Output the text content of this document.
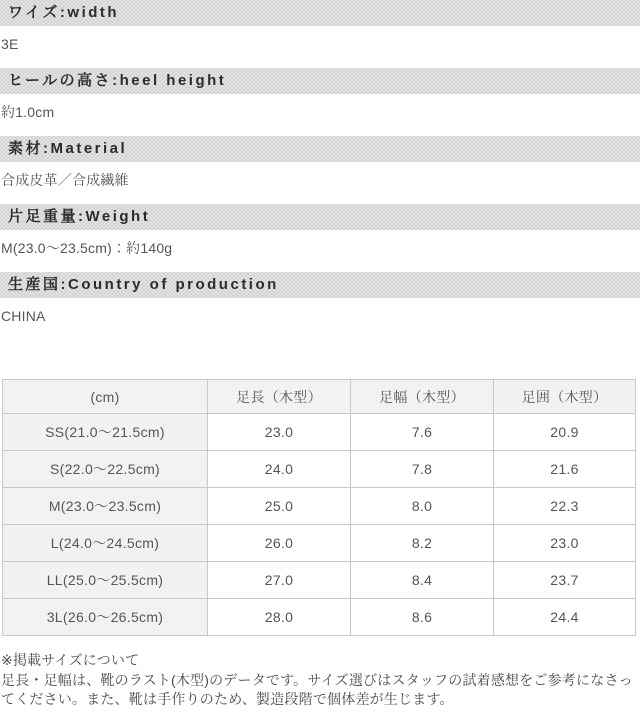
ワイズ:width
3E
ヒールの高さ:heel height
約1.0cm
素材:Material
合成皮革／合成繊維
片足重量:Weight
M(23.0～23.5cm)：約140g
生産国:Country of production
CHINA
(cm)	足長（木型）	足幅（木型）	足囲（木型）
SS(21.0～21.5cm)	23.0	7.6	20.9
S(22.0～22.5cm)	24.0	7.8	21.6
M(23.0～23.5cm)	25.0	8.0	22.3
L(24.0～24.5cm)	26.0	8.2	23.0
LL(25.0～25.5cm)	27.0	8.4	23.7
3L(26.0～26.5cm)	28.0	8.6	24.4
※掲載サイズについて
足長・足幅は、靴のラスト(木型)のデータです。サイズ選びはスタッフの試着感想をご参考になさってください。また、靴は手作りのため、製造段階で個体差が生じます。
